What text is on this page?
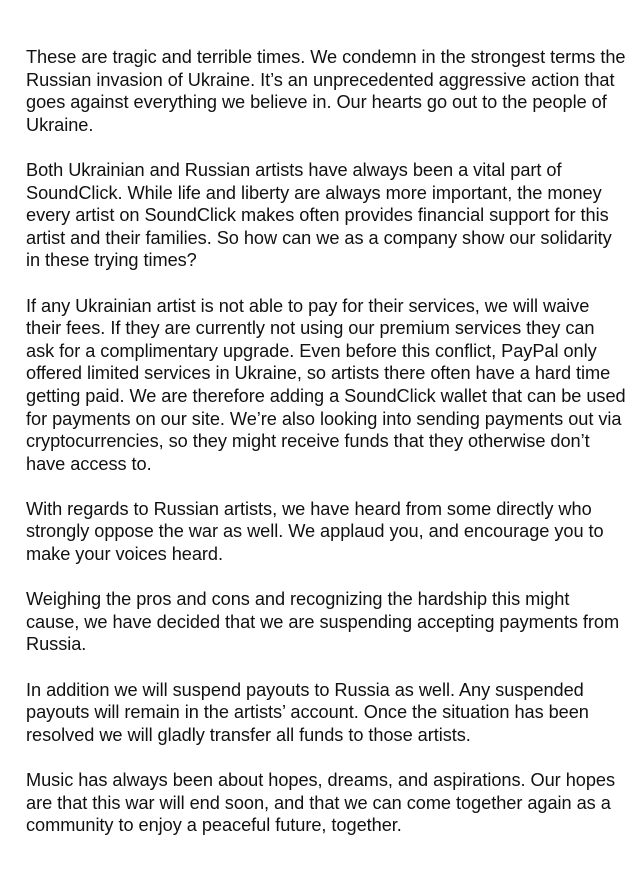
These are tragic and terrible times. We condemn in the strongest terms the Russian invasion of Ukraine. It’s an unprecedented aggressive action that goes against everything we believe in. Our hearts go out to the people of Ukraine.

Both Ukrainian and Russian artists have always been a vital part of SoundClick. While life and liberty are always more important, the money every artist on SoundClick makes often provides financial support for this artist and their families. So how can we as a company show our solidarity in these trying times?

If any Ukrainian artist is not able to pay for their services, we will waive their fees. If they are currently not using our premium services they can ask for a complimentary upgrade. Even before this conflict, PayPal only offered limited services in Ukraine, so artists there often have a hard time getting paid. We are therefore adding a SoundClick wallet that can be used for payments on our site. We’re also looking into sending payments out via cryptocurrencies, so they might receive funds that they otherwise don’t have access to.

With regards to Russian artists, we have heard from some directly who strongly oppose the war as well. We applaud you, and encourage you to make your voices heard.

Weighing the pros and cons and recognizing the hardship this might cause, we have decided that we are suspending accepting payments from Russia.

In addition we will suspend payouts to Russia as well. Any suspended payouts will remain in the artists’ account. Once the situation has been resolved we will gladly transfer all funds to those artists.

Music has always been about hopes, dreams, and aspirations. Our hopes are that this war will end soon, and that we can come together again as a community to enjoy a peaceful future, together.
